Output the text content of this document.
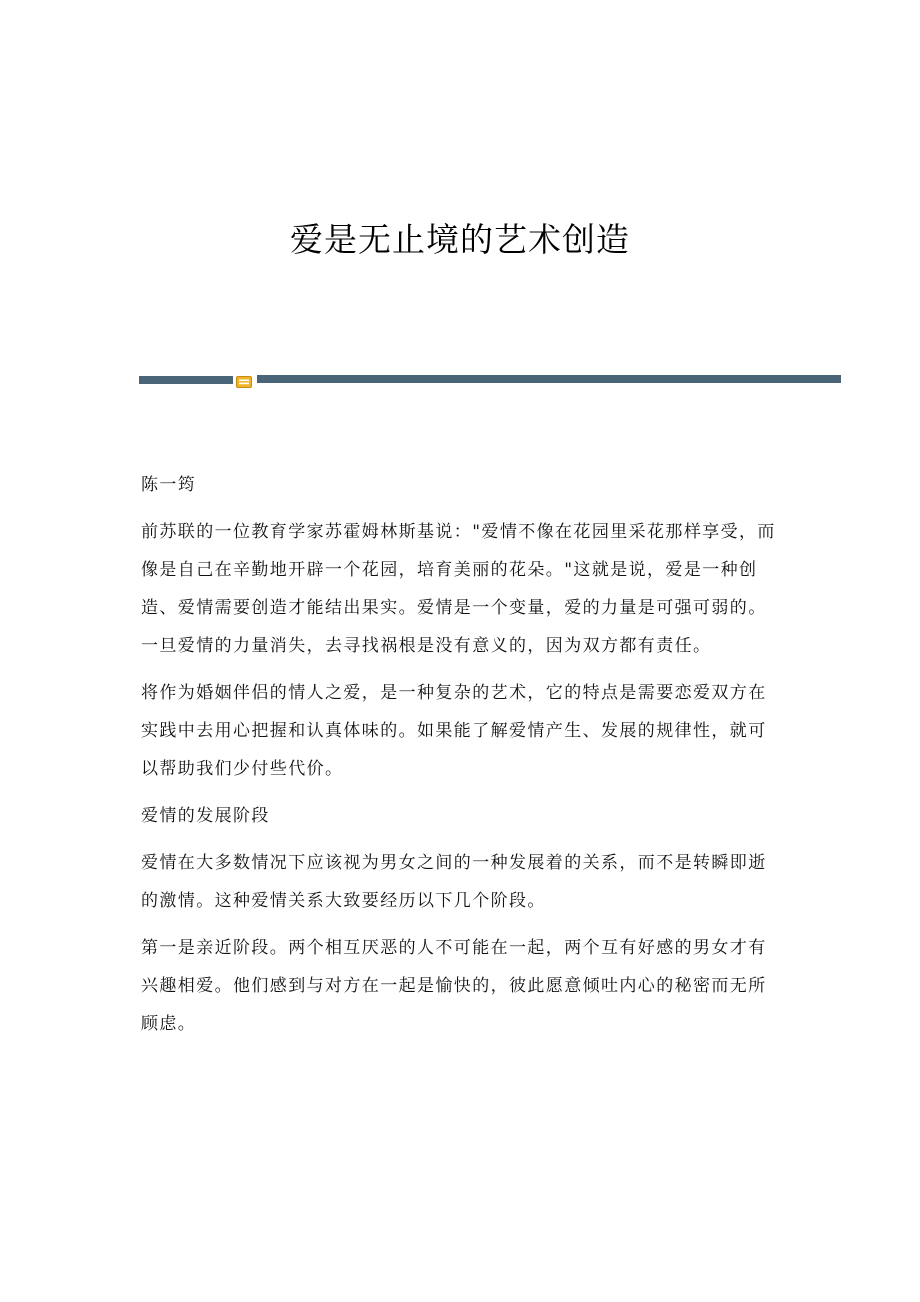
爱是无止境的艺术创造

陈一筠

前苏联的一位教育学家苏霍姆林斯基说："爱情不像在花园里采花那样享受，而像是自己在辛勤地开辟一个花园，培育美丽的花朵。"这就是说，爱是一种创造、爱情需要创造才能结出果实。爱情是一个变量，爱的力量是可强可弱的。一旦爱情的力量消失，去寻找祸根是没有意义的，因为双方都有责任。

将作为婚姻伴侣的情人之爱，是一种复杂的艺术，它的特点是需要恋爱双方在实践中去用心把握和认真体味的。如果能了解爱情产生、发展的规律性，就可以帮助我们少付些代价。

爱情的发展阶段

爱情在大多数情况下应该视为男女之间的一种发展着的关系，而不是转瞬即逝的激情。这种爱情关系大致要经历以下几个阶段。

第一是亲近阶段。两个相互厌恶的人不可能在一起，两个互有好感的男女才有兴趣相爱。他们感到与对方在一起是愉快的，彼此愿意倾吐内心的秘密而无所顾虑。
